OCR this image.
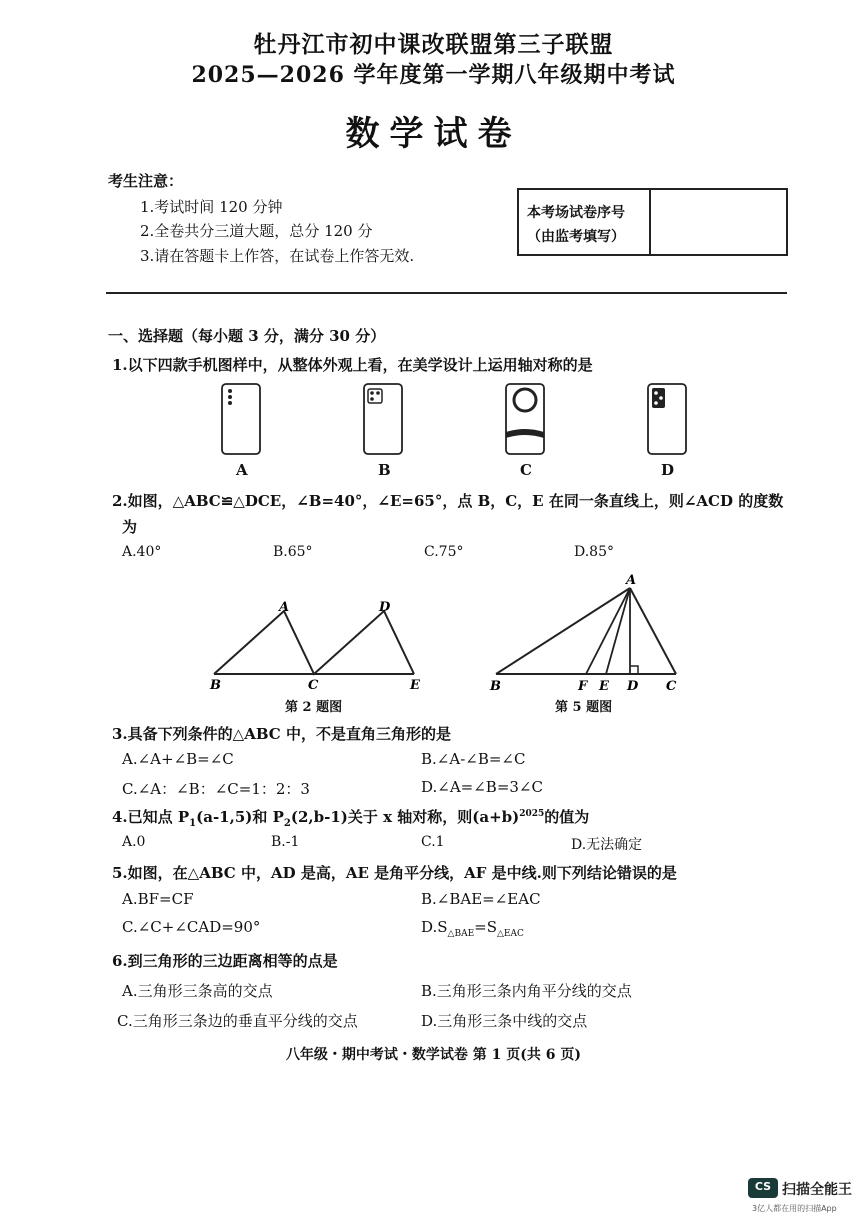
牡丹江市初中课改联盟第三子联盟
2025—2026 学年度第一学期八年级期中考试
数学试卷
考生注意：
1.考试时间 120 分钟
2.全卷共分三道大题，总分 120 分
3.请在答题卡上作答，在试卷上作答无效.
本考场试卷序号
（由监考填写）
一、选择题（每小题 3 分，满分 30 分）
1.以下四款手机图样中，从整体外观上看，在美学设计上运用轴对称的是
A	B	C	D
2.如图，△ABC≌△DCE，∠B=40°，∠E=65°，点 B，C，E 在同一条直线上，则∠ACD 的度数
为
A.40°	B.65°	C.75°	D.85°
A	D
B	C	E
第 2 题图
A
B	F E D C
第 5 题图
3.具备下列条件的△ABC 中，不是直角三角形的是
A.∠A+∠B=∠C	B.∠A-∠B=∠C
C.∠A：∠B：∠C=1：2：3	D.∠A=∠B=3∠C
4.已知点 $P_1(a-1,5)$和 $P_2(2,b-1)$关于 x 轴对称，则$(a+b)^{2025}$的值为
A.0	B.-1	C.1	D.无法确定
5.如图，在△ABC 中，AD 是高，AE 是角平分线，AF 是中线.则下列结论错误的是
A.BF=CF	B.∠BAE=∠EAC
C.∠C+∠CAD=90°	$D.S_{\triangle BAE}=S_{\triangle EAC}$
6.到三角形的三边距离相等的点是
A.三角形三条高的交点	B.三角形三条内角平分线的交点
C.三角形三条边的垂直平分线的交点	D.三角形三条中线的交点
八年级・期中考试・数学试卷 第 1 页(共 6 页)
CS 扫描全能王
3亿人都在用的扫描App
